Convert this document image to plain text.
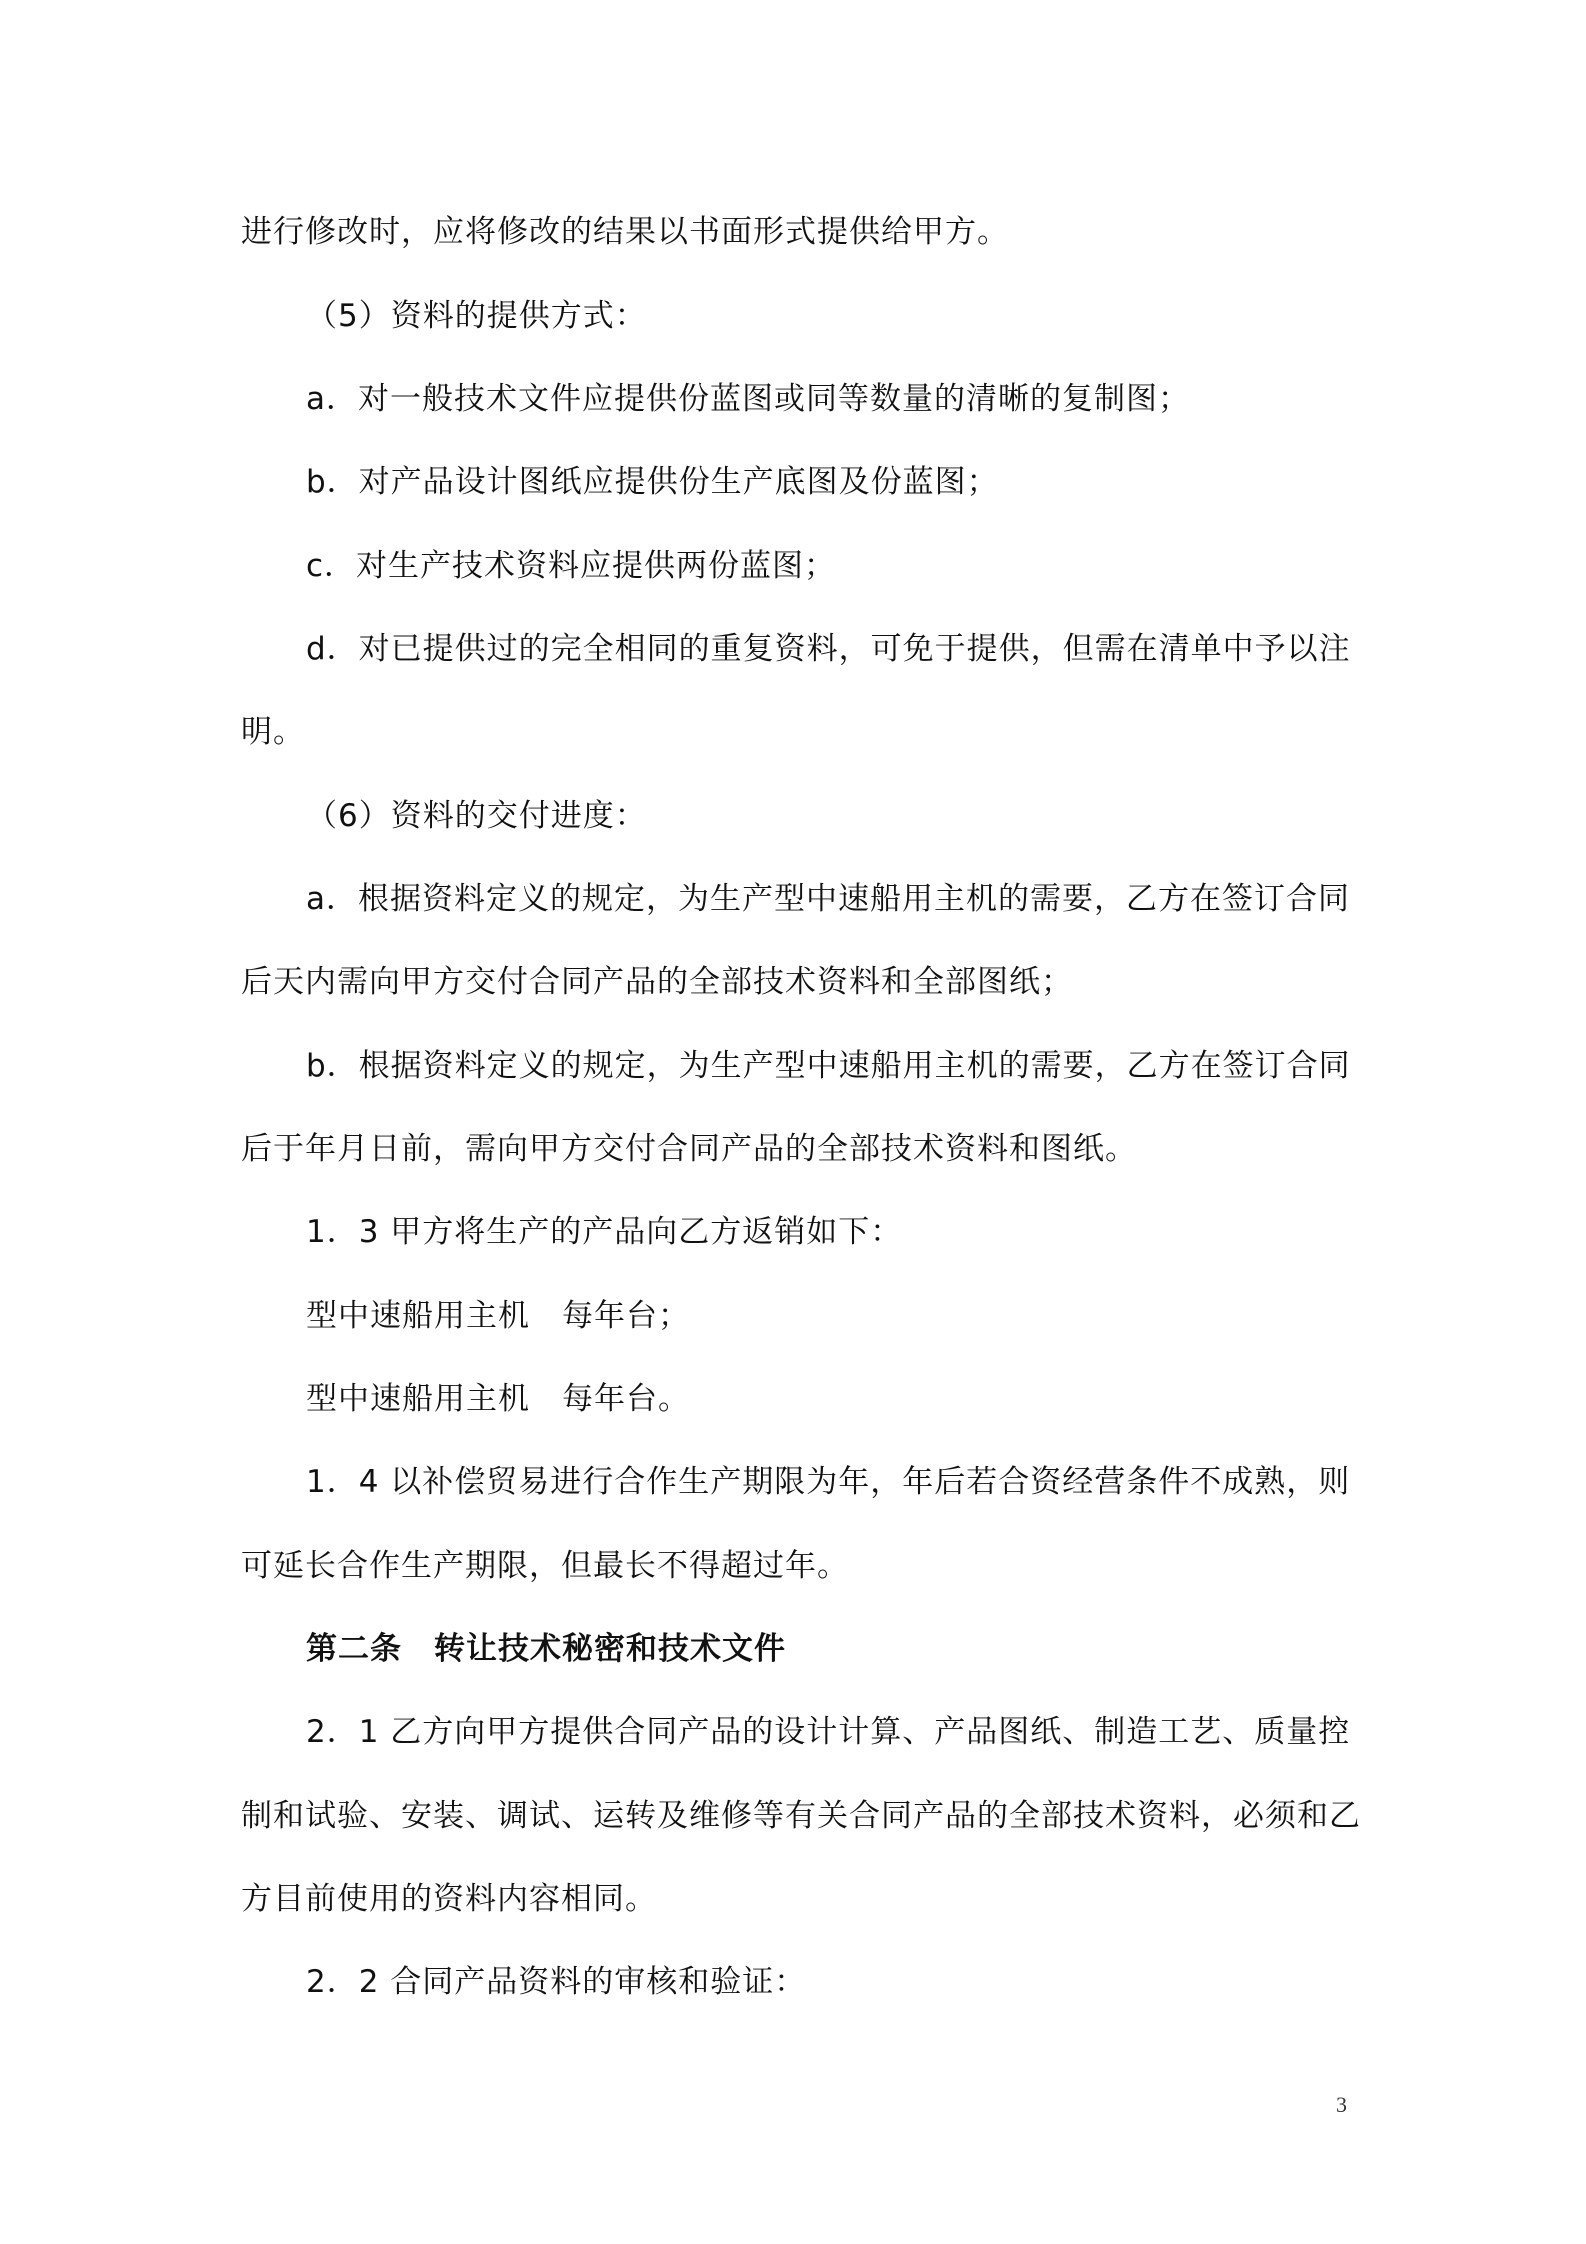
进行修改时，应将修改的结果以书面形式提供给甲方。
（5）资料的提供方式：
a．对一般技术文件应提供份蓝图或同等数量的清晰的复制图；
b．对产品设计图纸应提供份生产底图及份蓝图；
c．对生产技术资料应提供两份蓝图；
d．对已提供过的完全相同的重复资料，可免于提供，但需在清单中予以注
明。
（6）资料的交付进度：
a．根据资料定义的规定，为生产型中速船用主机的需要，乙方在签订合同
后天内需向甲方交付合同产品的全部技术资料和全部图纸；
b．根据资料定义的规定，为生产型中速船用主机的需要，乙方在签订合同
后于年月日前，需向甲方交付合同产品的全部技术资料和图纸。
1．3 甲方将生产的产品向乙方返销如下：
型中速船用主机　每年台；
型中速船用主机　每年台。
1．4 以补偿贸易进行合作生产期限为年，年后若合资经营条件不成熟，则
可延长合作生产期限，但最长不得超过年。
第二条　转让技术秘密和技术文件
2．1 乙方向甲方提供合同产品的设计计算、产品图纸、制造工艺、质量控
制和试验、安装、调试、运转及维修等有关合同产品的全部技术资料，必须和乙
方目前使用的资料内容相同。
2．2 合同产品资料的审核和验证：
3
